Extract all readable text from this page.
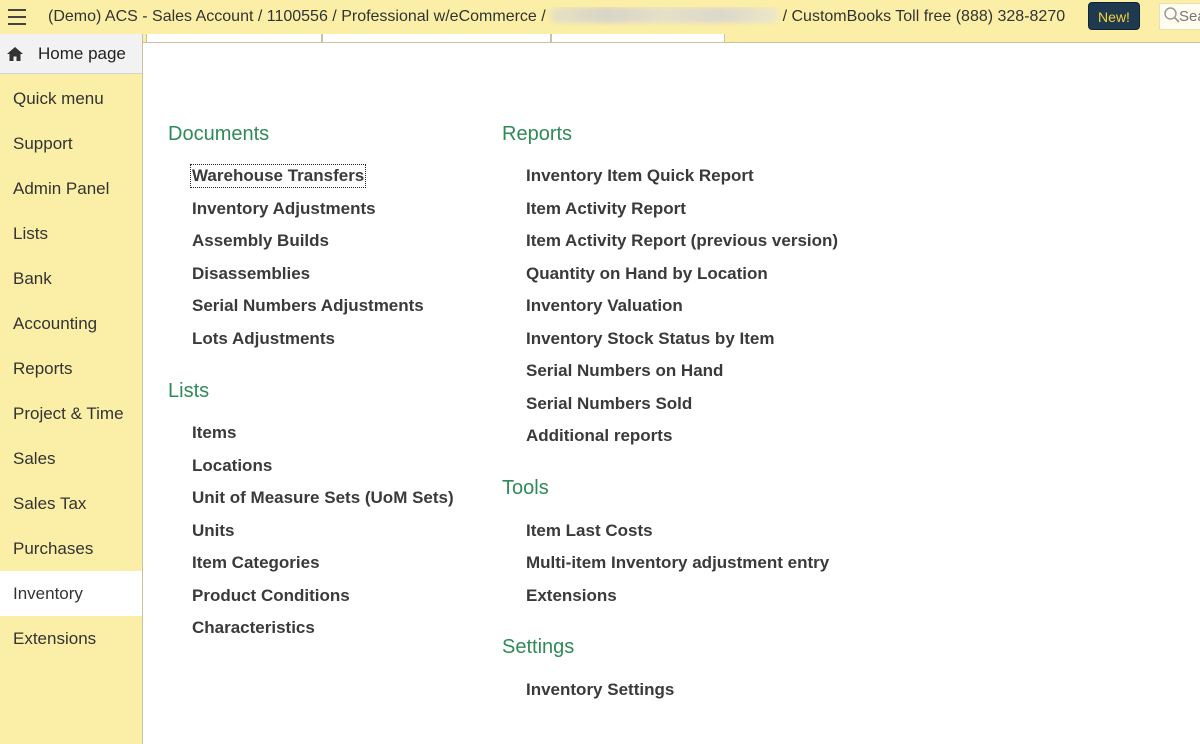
(Demo) ACS - Sales Account / 1100556 / Professional w/eCommerce /	/ CustomBooks Toll free (888) 328-8270	New!
Search
Home page
Quick menu
Support
Admin Panel
Lists
Bank
Accounting
Reports
Project & Time
Sales
Sales Tax
Purchases
Inventory
Extensions
Documents
Warehouse Transfers
Inventory Adjustments
Assembly Builds
Disassemblies
Serial Numbers Adjustments
Lots Adjustments
Lists
Items
Locations
Unit of Measure Sets (UoM Sets)
Units
Item Categories
Product Conditions
Characteristics
Reports
Inventory Item Quick Report
Item Activity Report
Item Activity Report (previous version)
Quantity on Hand by Location
Inventory Valuation
Inventory Stock Status by Item
Serial Numbers on Hand
Serial Numbers Sold
Additional reports
Tools
Item Last Costs
Multi-item Inventory adjustment entry
Extensions
Settings
Inventory Settings
